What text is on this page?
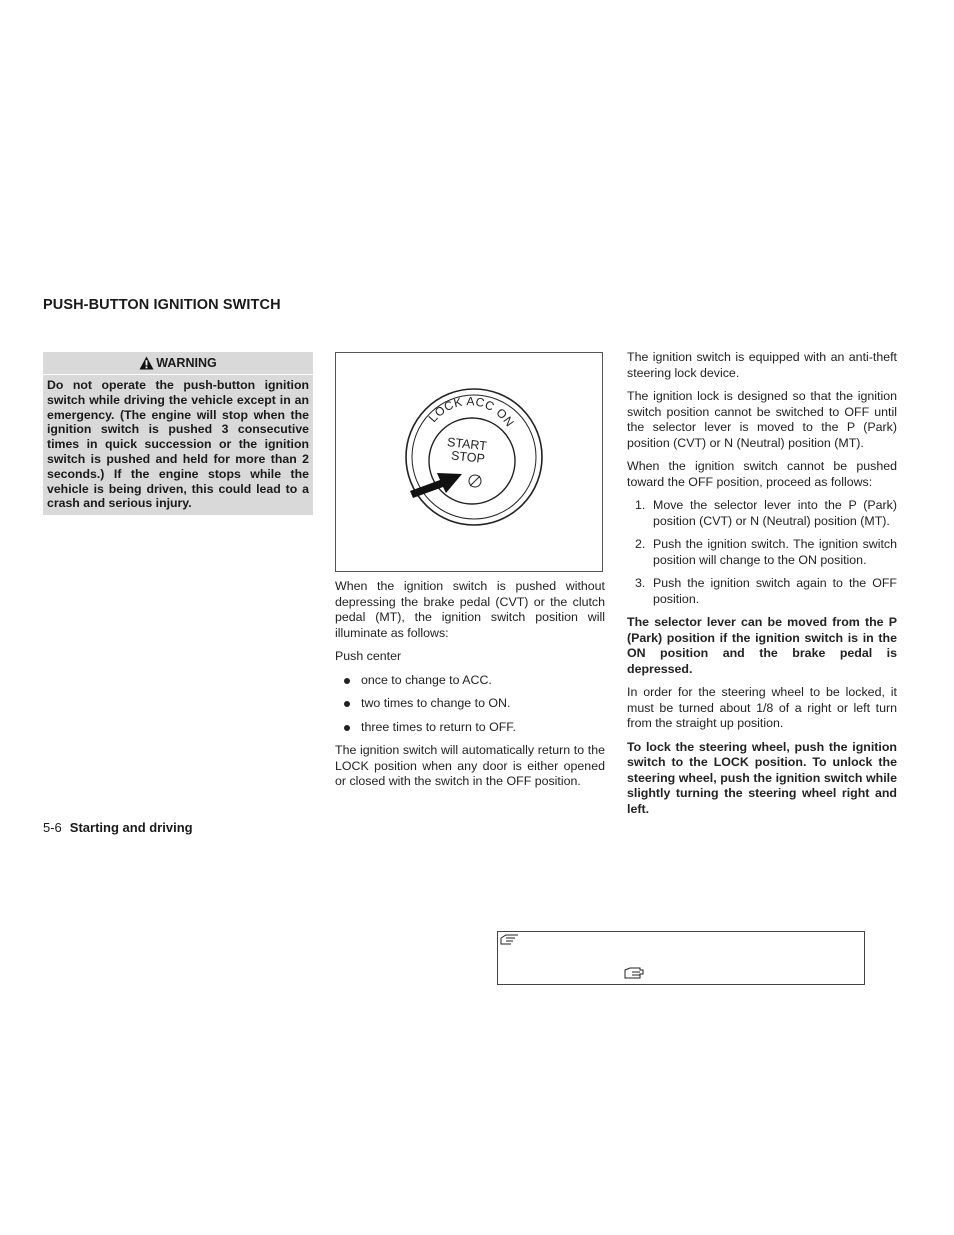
PUSH-BUTTON IGNITION SWITCH
WARNING
Do not operate the push-button ignition switch while driving the vehicle except in an emergency. (The engine will stop when the ignition switch is pushed 3 consecutive times in quick succession or the ignition switch is pushed and held for more than 2 seconds.) If the engine stops while the vehicle is being driven, this could lead to a crash and serious injury.
LOCK ACC ON
START
STOP

When the ignition switch is pushed without depressing the brake pedal (CVT) or the clutch pedal (MT), the ignition switch position will illuminate as follows:

Push center

once to change to ACC.
two times to change to ON.
three times to return to OFF.

The ignition switch will automatically return to the LOCK position when any door is either opened or closed with the switch in the OFF position.

The ignition switch is equipped with an anti-theft steering lock device.

The ignition lock is designed so that the ignition switch position cannot be switched to OFF until the selector lever is moved to the P (Park) position (CVT) or N (Neutral) position (MT).

When the ignition switch cannot be pushed toward the OFF position, proceed as follows:

1. Move the selector lever into the P (Park) position (CVT) or N (Neutral) position (MT).
2. Push the ignition switch. The ignition switch position will change to the ON position.
3. Push the ignition switch again to the OFF position.

The selector lever can be moved from the P (Park) position if the ignition switch is in the ON position and the brake pedal is depressed.

In order for the steering wheel to be locked, it must be turned about 1/8 of a right or left turn from the straight up position.

To lock the steering wheel, push the ignition switch to the LOCK position. To unlock the steering wheel, push the ignition switch while slightly turning the steering wheel right and left.

5-6 Starting and driving
